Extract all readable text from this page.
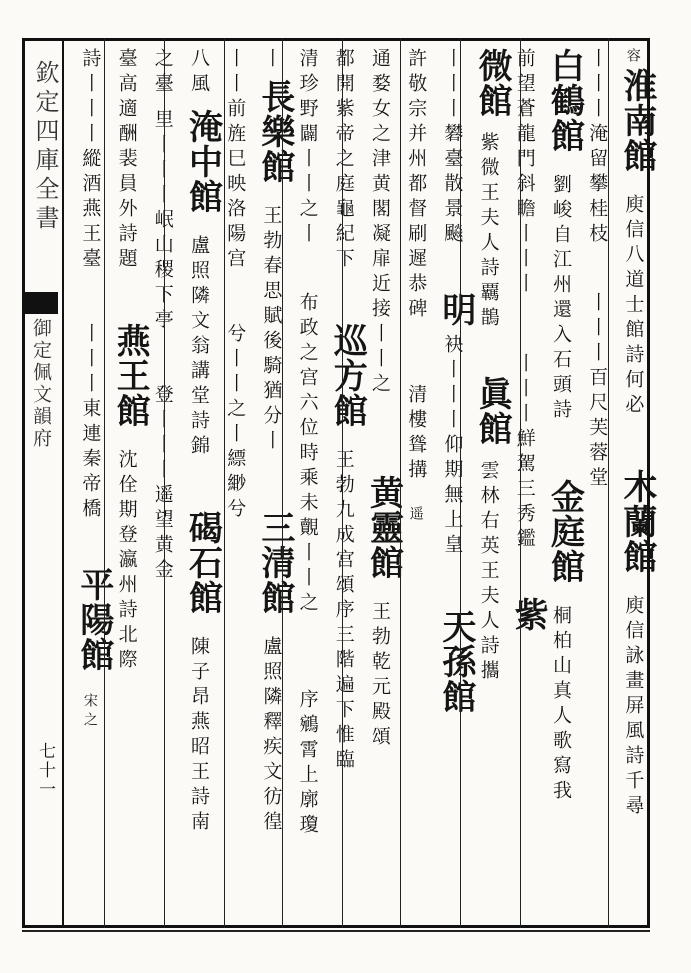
欽定四庫全書
御定佩文韻府
七十一
容
淮南館
庾信八道士館詩何必
木蘭館
庾信詠畫屏風詩千尋
丨丨丨淹留攀桂枝
丨丨丨百尺芙蓉堂
白鶴館
劉峻自江州還入石頭詩
金庭館
桐柏山真人歌寫我
前望蒼龍門斜瞻丨丨丨
丨丨丨鮮駕三秀鑑
紫
微館
紫微王夫人詩覊鵲
眞館
雲林右英王夫人詩攜
丨丨丨礬臺散景飈
明
袂丨丨丨仰期無上皇
天孫館
許敬宗并州都督刷遲恭碑
清樓聳搆
遥
通婺女之津黄閣凝扉近接丨丨之
黄靈館
王勃乾元殿頌
都開紫帝之庭龜紀下
巡方館
王勃九成宫頌序三階遍下惟臨
清珍野闢丨丨之丨
布政之宫六位時乘未覿丨丨之
序鵷霄上廓瓊
丨
長樂館
王勃春思賦後騎猶分丨
三清館
盧照隣釋疾文彷徨
丨丨前旌巳映洛陽宫
兮丨丨之丨縹緲兮
八風
淹中館
盧照隣文翁講堂詩錦
碣石館
陳子昂燕昭王詩南
之臺
里丨丨丨岷山稷下亭
登丨丨丨遥望黄金
臺高適酬裴員外詩題
燕王館
沈佺期登瀛州詩北際
詩丨丨丨縱酒燕王臺
丨丨丨東連秦帝橋
平陽館
宋之
